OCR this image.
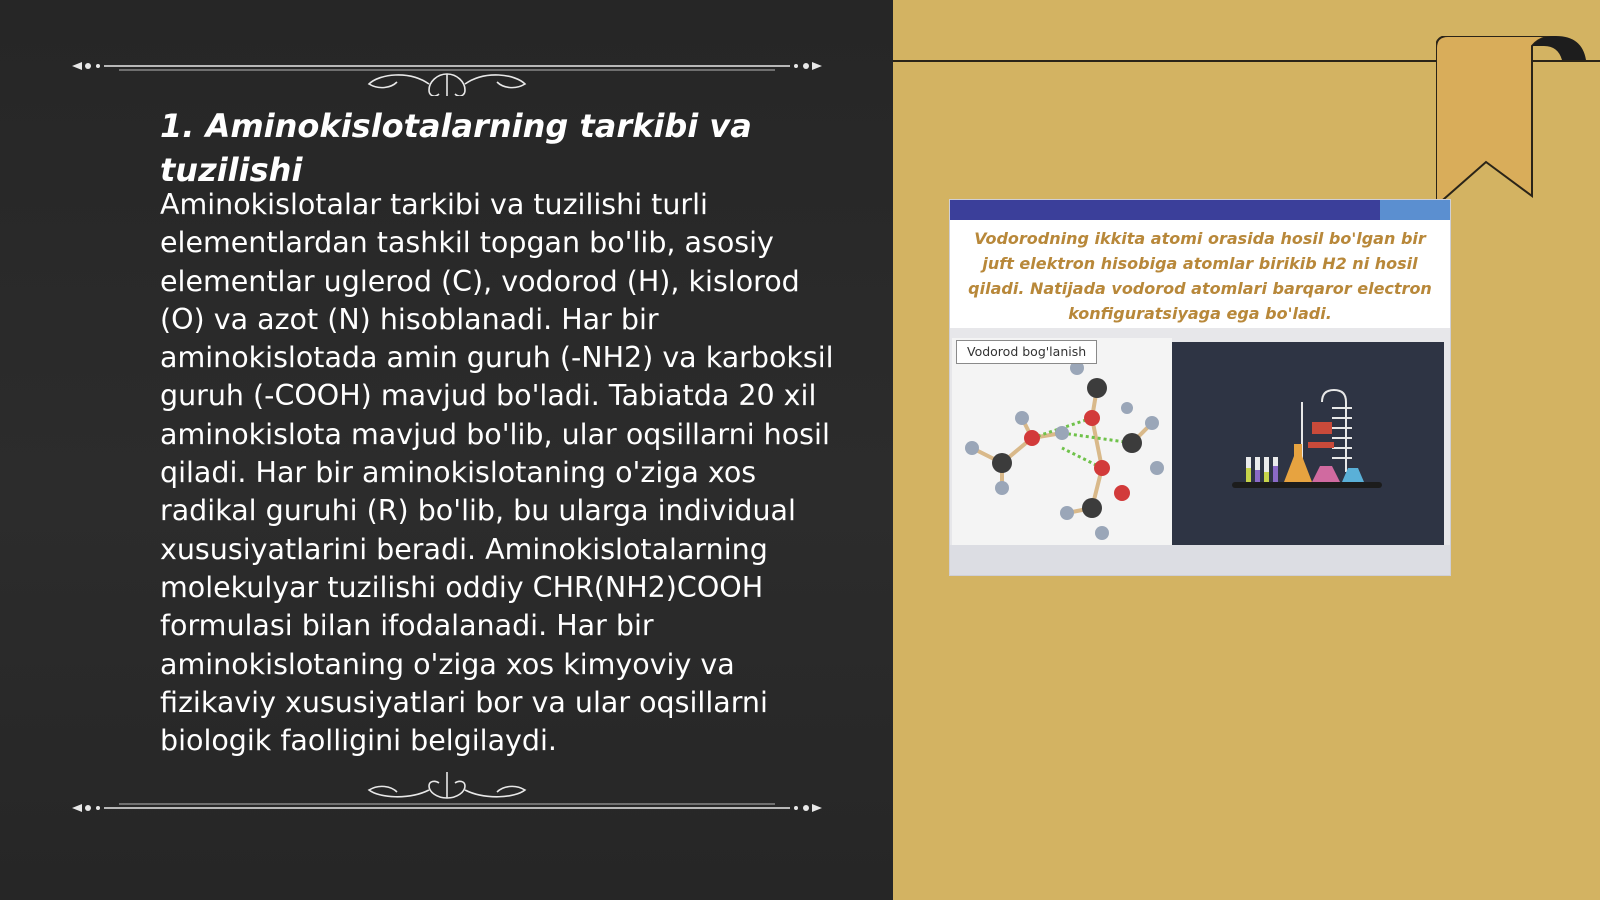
1. Aminokislotalarning tarkibi va tuzilishi

Aminokislotalar tarkibi va tuzilishi turli elementlardan tashkil topgan bo'lib, asosiy elementlar uglerod (C), vodorod (H), kislorod (O) va azot (N) hisoblanadi. Har bir aminokislotada amin guruh (-NH2) va karboksil guruh (-COOH) mavjud bo'ladi. Tabiatda 20 xil aminokislota mavjud bo'lib, ular oqsillarni hosil qiladi. Har bir aminokislotaning o'ziga xos radikal guruhi (R) bo'lib, bu ularga individual xususiyatlarini beradi. Aminokislotalarning molekulyar tuzilishi oddiy CHR(NH2)COOH formulasi bilan ifodalanadi. Har bir aminokislotaning o'ziga xos kimyoviy va fizikaviy xususiyatlari bor va ular oqsillarni biologik faolligini belgilaydi.

Vodorodning ikkita atomi orasida hosil bo'lgan bir juft elektron hisobiga atomlar birikib H2 ni hosil qiladi. Natijada vodorod atomlari barqaror electron konfiguratsiyaga ega bo'ladi.
Vodorod bog'lanish
